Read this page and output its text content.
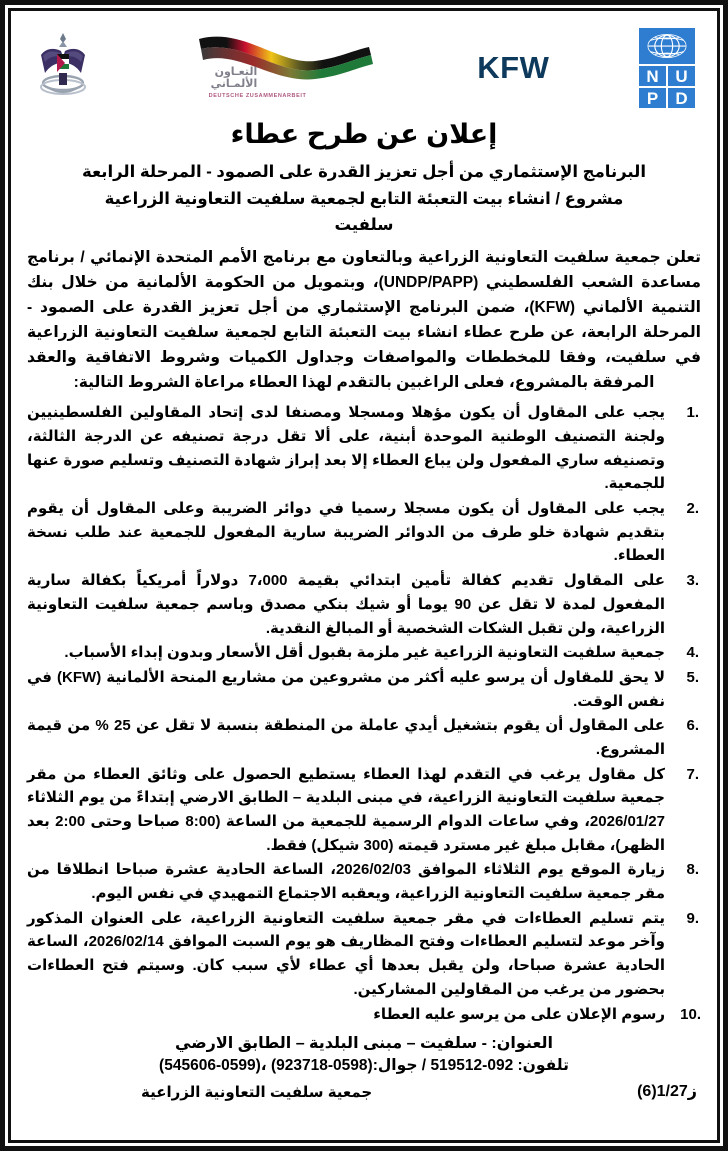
التعـاون
الألمـاني
DEUTSCHE ZUSAMMENARBEIT
KFW	U
N
D
P
إعلان عن طرح عطاء
البرنامج الإستثماري من أجل تعزيز القدرة على الصمود - المرحلة الرابعة
مشروع / انشاء بيت التعبئة التابع لجمعية سلفيت التعاونية الزراعية
سلفيت
تعلن جمعية سلفيت التعاونية الزراعية وبالتعاون مع برنامج الأمم المتحدة الإنمائي / برنامج مساعدة الشعب الفلسطيني (UNDP/PAPP)، وبتمويل من الحكومة الألمانية من خلال بنك التنمية الألماني (KFW)، ضمن البرنامج الإستثماري من أجل تعزيز القدرة على الصمود - المرحلة الرابعة، عن طرح عطاء انشاء بيت التعبئة التابع لجمعية سلفيت التعاونية الزراعية في سلفيت، وفقا للمخططات والمواصفات وجداول الكميات وشروط الاتفاقية والعقد المرفقة بالمشروع، فعلى الراغبين بالتقدم لهذا العطاء مراعاة الشروط التالية:
يجب على المقاول أن يكون مؤهلا ومسجلا ومصنفا لدى إتحاد المقاولين الفلسطينيين ولجنة التصنيف الوطنية الموحدة أبنية، على ألا تقل درجة تصنيفه عن الدرجة الثالثة، وتصنيفه ساري المفعول ولن يباع العطاء إلا بعد إبراز شهادة التصنيف وتسليم صورة عنها للجمعية.
يجب على المقاول أن يكون مسجلا رسميا في دوائر الضريبة وعلى المقاول أن يقوم بتقديم شهادة خلو طرف من الدوائر الضريبة سارية المفعول للجمعية عند طلب نسخة العطاء.
على المقاول تقديم كفالة تأمين ابتدائي بقيمة 7،000 دولاراً أمريكياً بكفالة سارية المفعول لمدة لا تقل عن 90 يوما أو شيك بنكي مصدق وباسم جمعية سلفيت التعاونية الزراعية، ولن تقبل الشكات الشخصية أو المبالغ النقدية.
جمعية سلفيت التعاونية الزراعية غير ملزمة بقبول أقل الأسعار وبدون إبداء الأسباب.
لا يحق للمقاول أن يرسو عليه أكثر من مشروعين من مشاريع المنحة الألمانية (KFW) في نفس الوقت.
على المقاول أن يقوم بتشغيل أيدي عاملة من المنطقة بنسبة لا تقل عن 25 % من قيمة المشروع.
كل مقاول يرغب في التقدم لهذا العطاء يستطيع الحصول على وثائق العطاء من مقر جمعية سلفيت التعاونية الزراعية، في مبنى البلدية – الطابق الارضي إبتداءً من يوم الثلاثاء 2026/01/27، وفي ساعات الدوام الرسمية للجمعية من الساعة (8:00 صباحا وحتى 2:00 بعد الظهر)، مقابل مبلغ غير مسترد قيمته (300 شيكل) فقط.
زيارة الموقع يوم الثلاثاء الموافق 2026/02/03، الساعة الحادية عشرة صباحا انطلاقا من مقر جمعية سلفيت التعاونية الزراعية، ويعقبه الاجتماع التمهيدي في نفس اليوم.
يتم تسليم العطاءات في مقر جمعية سلفيت التعاونية الزراعية، على العنوان المذكور وآخر موعد لتسليم العطاءات وفتح المظاريف هو يوم السبت الموافق 2026/02/14، الساعة الحادية عشرة صباحا، ولن يقبل بعدها أي عطاء لأي سبب كان. وسيتم فتح العطاءات بحضور من يرغب من المقاولين المشاركين.
رسوم الإعلان على من يرسو عليه العطاء
العنوان: - سلفيت – مبنى البلدية – الطابق الارضي
تلفون: 092-519512 / جوال:(0598-923718) ،(0599-545606)
ز1/27(6)
جمعية سلفيت التعاونية الزراعية
